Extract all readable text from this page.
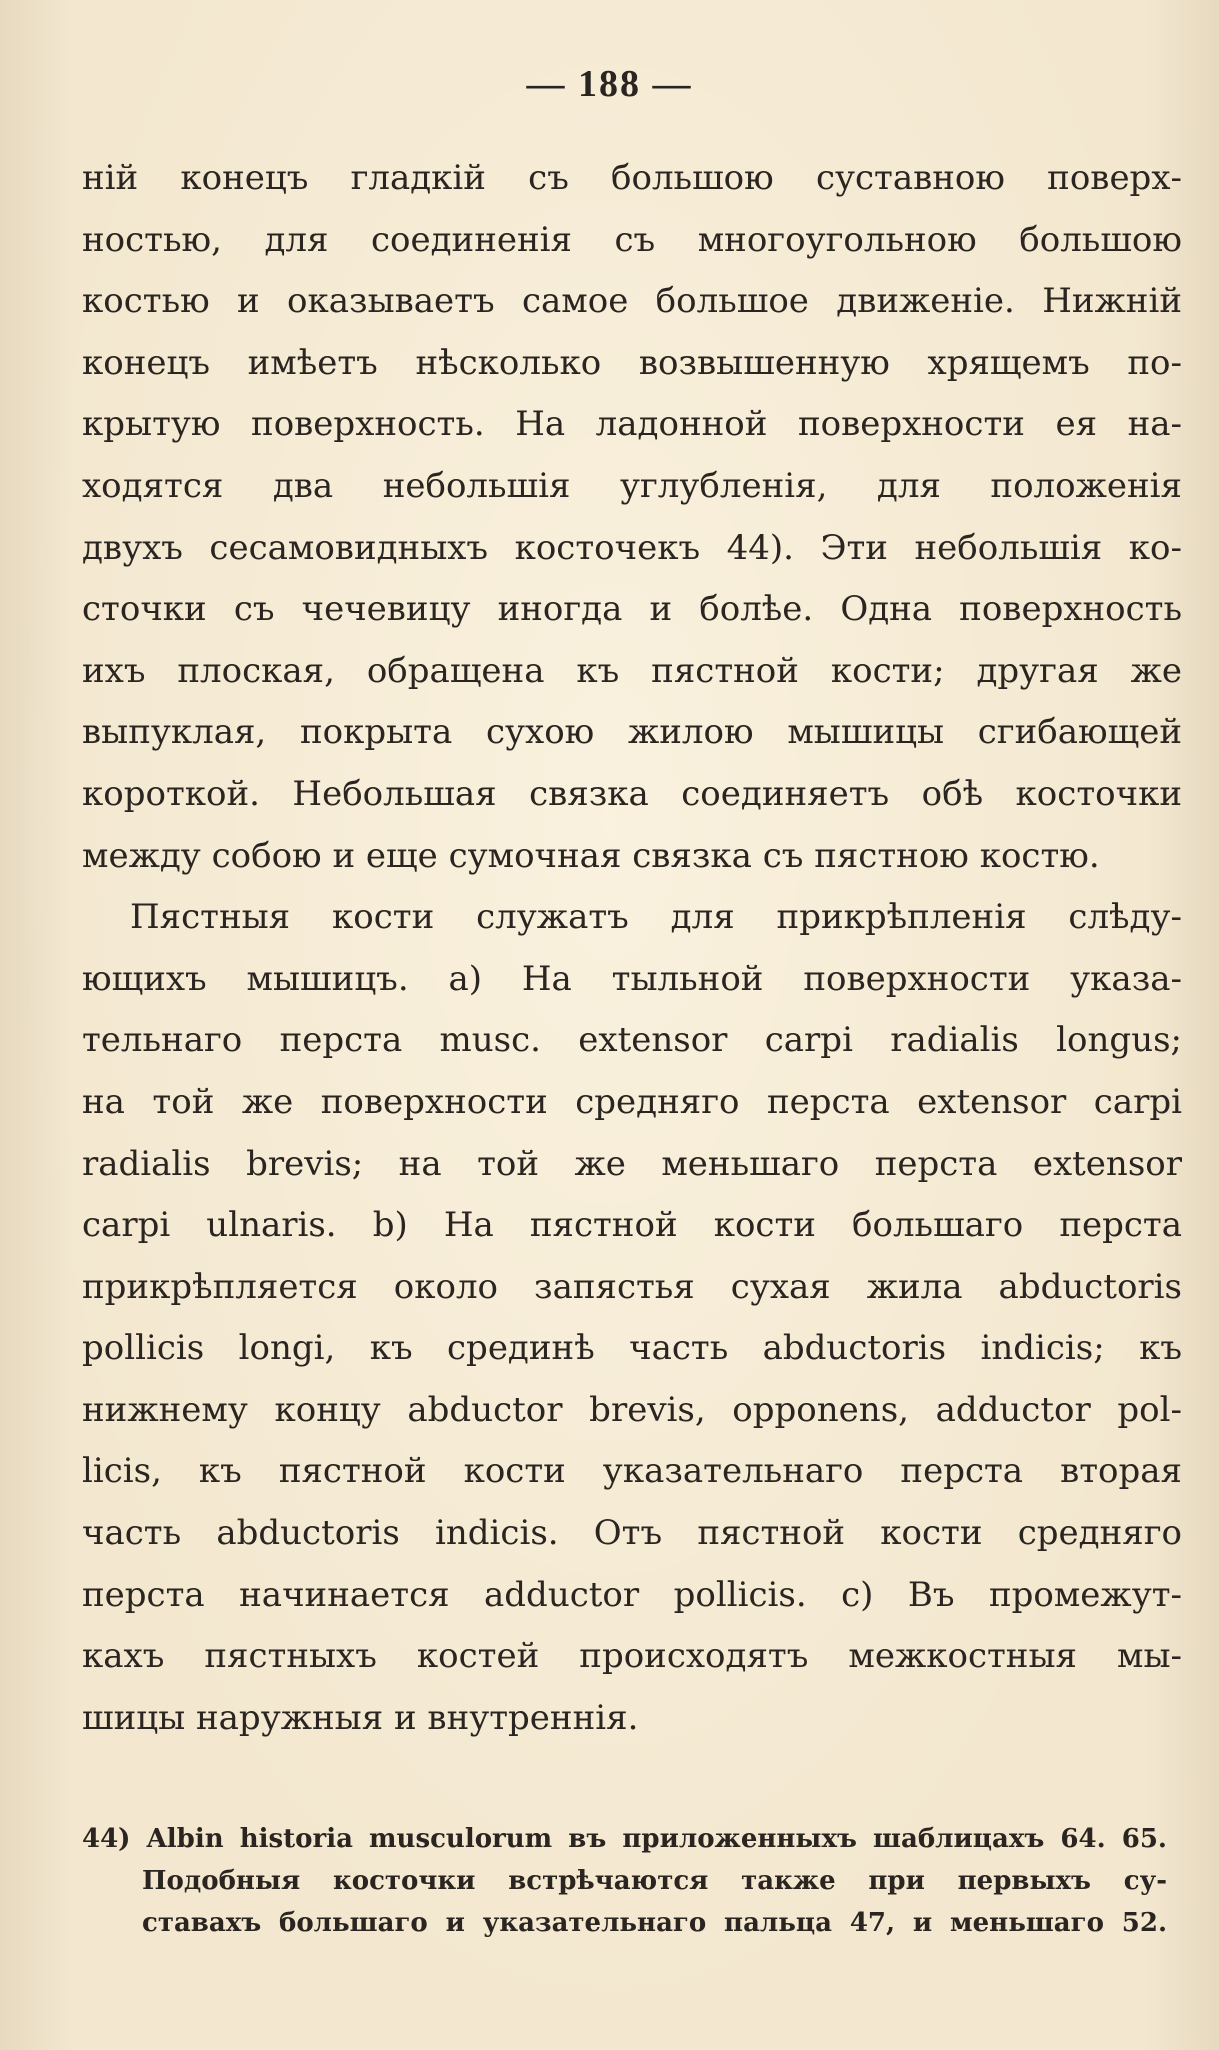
— 188 —
ній конецъ гладкій съ большою суставною поверх-
ностью, для соединенія съ многоугольною большою
костью и оказываетъ самое большое движеніе. Нижній
конецъ имѣетъ нѣсколько возвышенную хрящемъ по-
крытую поверхность. На ладонной поверхности ея на-
ходятся два небольшія углубленія, для положенія
двухъ сесамовидныхъ косточекъ 44). Эти небольшія ко-
сточки съ чечевицу иногда и болѣе. Одна поверхность
ихъ плоская, обращена къ пястной кости; другая же
выпуклая, покрыта сухою жилою мышицы сгибающей
короткой. Небольшая связка соединяетъ обѣ косточки
между собою и еще сумочная связка съ пястною костю.
Пястныя кости служатъ для прикрѣпленія слѣду-
ющихъ мышицъ. a) На тыльной поверхности указа-
тельнаго перста musc. extensor carpi radialis longus;
на той же поверхности средняго перста extensor carpi
radialis brevis; на той же меньшаго перста extensor
carpi ulnaris. b) На пястной кости большаго перста
прикрѣпляется около запястья сухая жила abductoris
pollicis longi, къ срединѣ часть abductoris indicis; къ
нижнему концу abductor brevis, opponens, adductor pol-
licis, къ пястной кости указательнаго перста вторая
часть abductoris indicis. Отъ пястной кости средняго
перста начинается adductor pollicis. c) Въ промежут-
кахъ пястныхъ костей происходятъ межкостныя мы-
шицы наружныя и внутреннія.
44) Albin historia musculorum въ приложенныхъ шаблицахъ 64. 65.
Подобныя косточки встрѣчаются также при первыхъ су-
ставахъ большаго и указательнаго пальца 47, и меньшаго 52.
